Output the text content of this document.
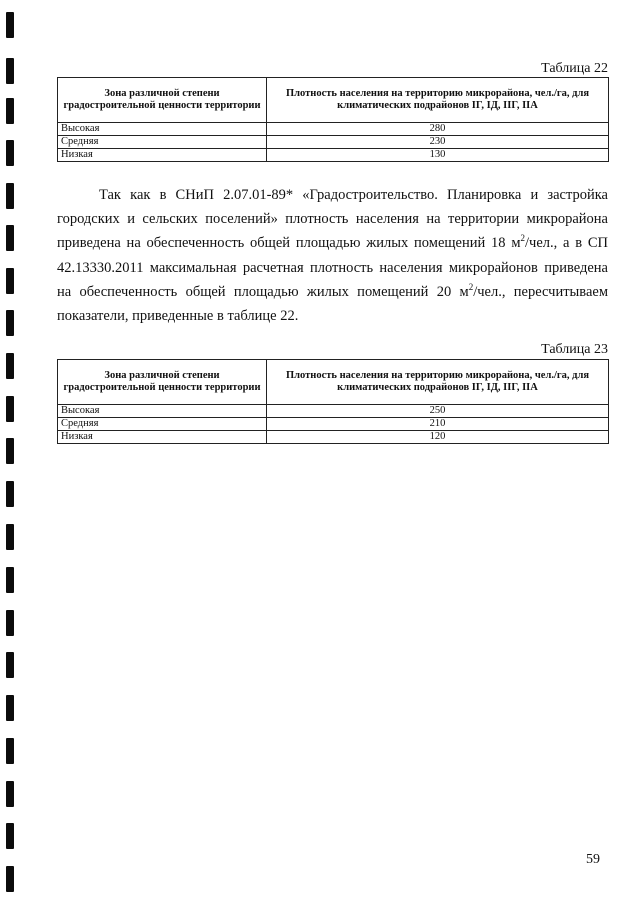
Таблица 22
Зона различной степени градостроительной ценности территории	Плотность населения на территорию микрорайона, чел./га, для климатических подрайонов IГ, IД, IIГ, IIА
Высокая	280
Средняя	230
Низкая	130

Так как в СНиП 2.07.01-89* «Градостроительство. Планировка и застройка городских и сельских поселений» плотность населения на территории микрорайона приведена на обеспеченность общей площадью жилых помещений 18 $м^2$/чел., а в СП 42.13330.2011 максимальная расчетная плотность населения микрорайонов приведена на обеспеченность общей площадью жилых помещений 20 $м^2$/чел., пересчитываем показатели, приведенные в таблице 22.

Таблица 23
Зона различной степени градостроительной ценности территории	Плотность населения на территорию микрорайона, чел./га, для климатических подрайонов IГ, IД, IIГ, IIА
Высокая	250
Средняя	210
Низкая	120
59
